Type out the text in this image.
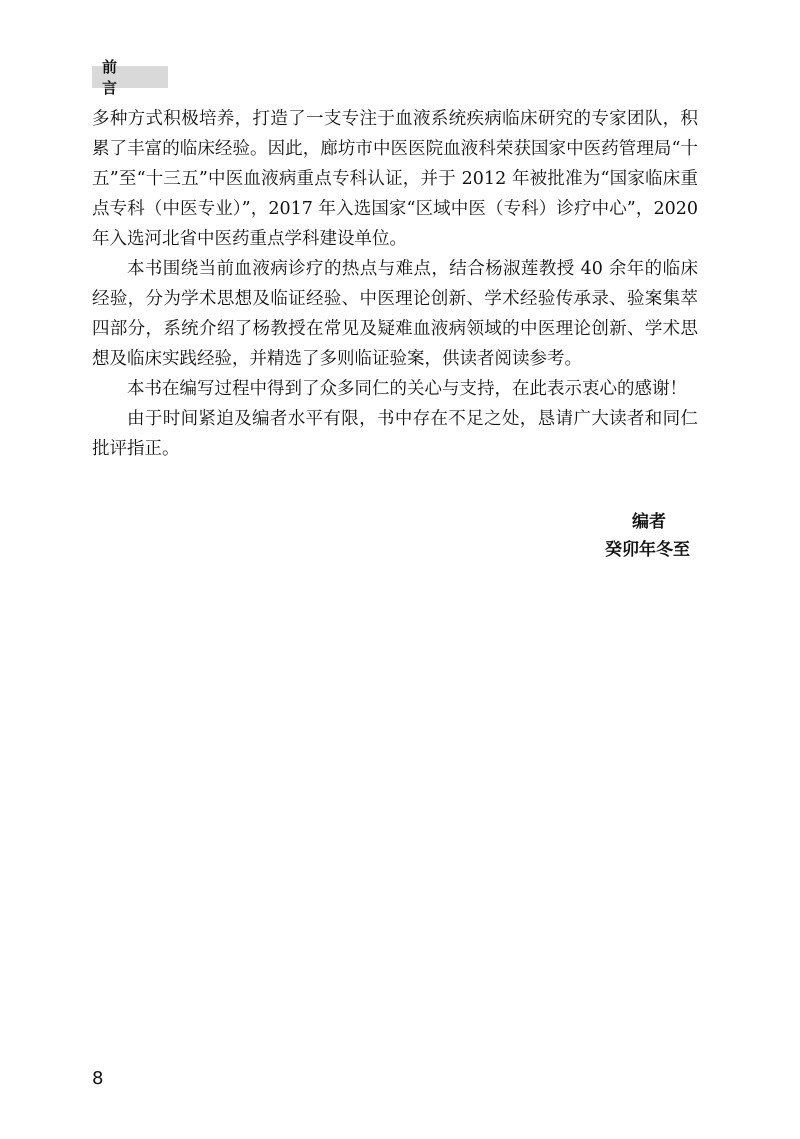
前 言

多种方式积极培养，打造了一支专注于血液系统疾病临床研究的专家团队，积累了丰富的临床经验。因此，廊坊市中医医院血液科荣获国家中医药管理局“十五”至“十三五”中医血液病重点专科认证，并于 2012 年被批准为“国家临床重点专科（中医专业）”，2017 年入选国家“区域中医（专科）诊疗中心”，2020 年入选河北省中医药重点学科建设单位。

本书围绕当前血液病诊疗的热点与难点，结合杨淑莲教授 40 余年的临床经验，分为学术思想及临证经验、中医理论创新、学术经验传承录、验案集萃四部分，系统介绍了杨教授在常见及疑难血液病领域的中医理论创新、学术思想及临床实践经验，并精选了多则临证验案，供读者阅读参考。

本书在编写过程中得到了众多同仁的关心与支持，在此表示衷心的感谢！

由于时间紧迫及编者水平有限，书中存在不足之处，恳请广大读者和同仁批评指正。

编者
癸卯年冬至
8
